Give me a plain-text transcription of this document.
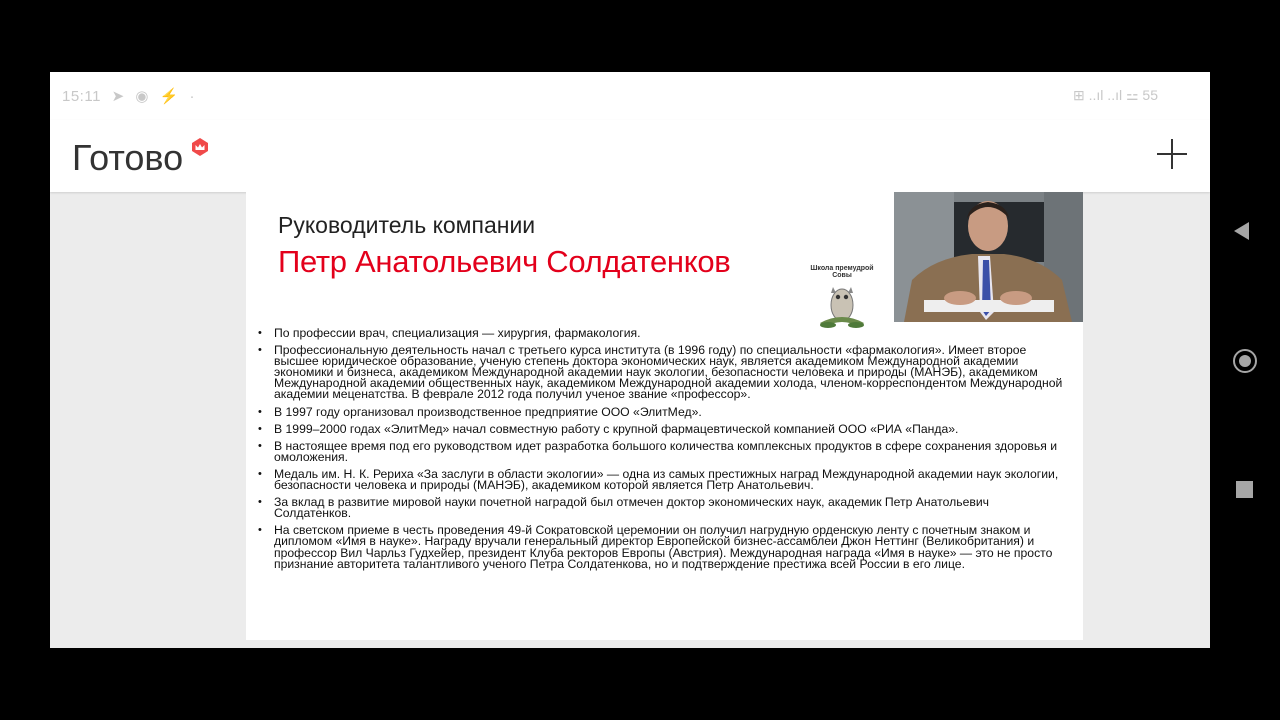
15:11 ➤ ◉ ⚡ ·	⊞ ..ıl ..ıl ⚍ 55
Готово
Руководитель компании
Петр Анатольевич Солдатенков	Школа премудрой Совы
• По профессии врач, специализация — хирургия, фармакология.
• Профессиональную деятельность начал с третьего курса института (в 1996 году) по специальности «фармакология». Имеет второе высшее юридическое образование, ученую степень доктора экономических наук, является академиком Международной академии экономики и бизнеса, академиком Международной академии наук экологии, безопасности человека и природы (МАНЭБ), академиком Международной академии общественных наук, академиком Международной академии холода, членом-корреспондентом Международной академии меценатства. В феврале 2012 года получил ученое звание «профессор».
• В 1997 году организовал производственное предприятие ООО «ЭлитМед».
• В 1999–2000 годах «ЭлитМед» начал совместную работу с крупной фармацевтической компанией ООО «РИА «Панда».
• В настоящее время под его руководством идет разработка большого количества комплексных продуктов в сфере сохранения здоровья и омоложения.
• Медаль им. Н. К. Рериха «За заслуги в области экологии» — одна из самых престижных наград Международной академии наук экологии, безопасности человека и природы (МАНЭБ), академиком которой является Петр Анатольевич.
• За вклад в развитие мировой науки почетной наградой был отмечен доктор экономических наук, академик Петр Анатольевич Солдатенков.
• На светском приеме в честь проведения 49-й Сократовской церемонии он получил нагрудную орденскую ленту с почетным знаком и дипломом «Имя в науке». Награду вручали генеральный директор Европейской бизнес-ассамблеи Джон Неттинг (Великобритания) и профессор Вил Чарльз Гудхейер, президент Клуба ректоров Европы (Австрия). Международная награда «Имя в науке» — это не просто признание авторитета талантливого ученого Петра Солдатенкова, но и подтверждение престижа всей России в его лице.
